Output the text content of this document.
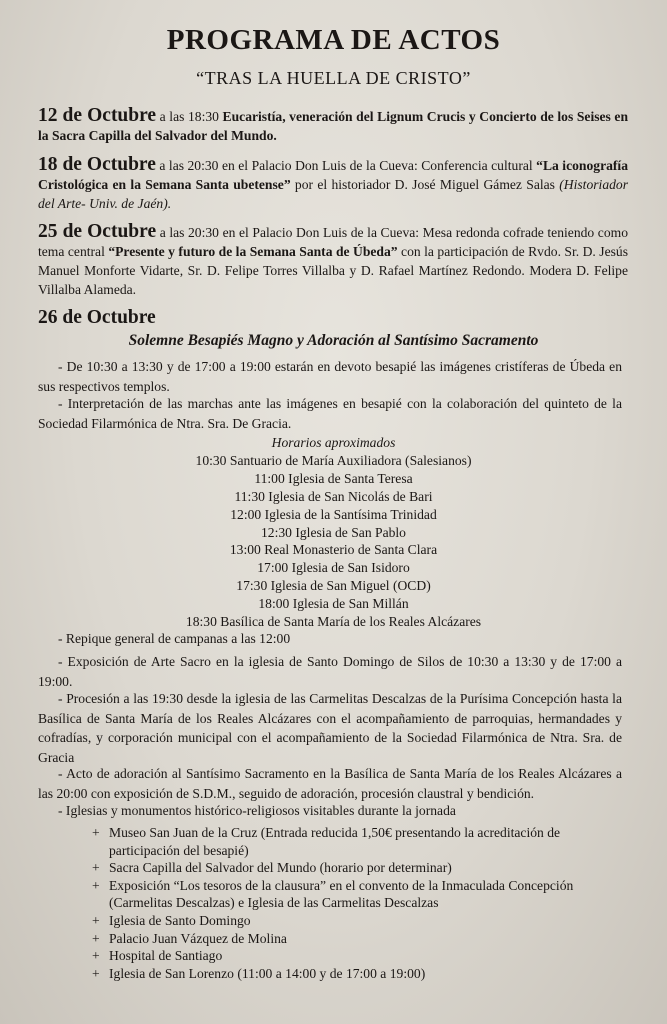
PROGRAMA DE ACTOS
“TRAS LA HUELLA DE CRISTO”
12 de Octubre a las 18:30 Eucaristía, veneración del Lignum Crucis y Concierto de los Seises en la Sacra Capilla del Salvador del Mundo.
18 de Octubre a las 20:30 en el Palacio Don Luis de la Cueva: Conferencia cultural “La iconografía Cristológica en la Semana Santa ubetense” por el historiador D. José Miguel Gámez Salas (Historiador del Arte- Univ. de Jaén).
25 de Octubre a las 20:30 en el Palacio Don Luis de la Cueva: Mesa redonda cofrade teniendo como tema central “Presente y futuro de la Semana Santa de Úbeda” con la participación de Rvdo. Sr. D. Jesús Manuel Monforte Vidarte, Sr. D. Felipe Torres Villalba y D. Rafael Martínez Redondo. Modera D. Felipe Villalba Alameda.
26 de Octubre
Solemne Besapiés Magno y Adoración al Santísimo Sacramento
- De 10:30 a 13:30 y de 17:00 a 19:00 estarán en devoto besapié las imágenes cristíferas de Úbeda en sus respectivos templos.
- Interpretación de las marchas ante las imágenes en besapié con la colaboración del quinteto de la Sociedad Filarmónica de Ntra. Sra. De Gracia.
Horarios aproximados
10:30 Santuario de María Auxiliadora (Salesianos)
11:00 Iglesia de Santa Teresa
11:30 Iglesia de San Nicolás de Bari
12:00 Iglesia de la Santísima Trinidad
12:30 Iglesia de San Pablo
13:00 Real Monasterio de Santa Clara
17:00 Iglesia de San Isidoro
17:30 Iglesia de San Miguel (OCD)
18:00 Iglesia de San Millán
18:30 Basílica de Santa María de los Reales Alcázares
- Repique general de campanas a las 12:00
- Exposición de Arte Sacro en la iglesia de Santo Domingo de Silos de 10:30 a 13:30 y de 17:00 a 19:00.
- Procesión a las 19:30 desde la iglesia de las Carmelitas Descalzas de la Purísima Concepción hasta la Basílica de Santa María de los Reales Alcázares con el acompañamiento de parroquias, hermandades y cofradías, y corporación municipal con el acompañamiento de la Sociedad Filarmónica de Ntra. Sra. de Gracia
- Acto de adoración al Santísimo Sacramento en la Basílica de Santa María de los Reales Alcázares a las 20:00 con exposición de S.D.M., seguido de adoración, procesión claustral y bendición.
- Iglesias y monumentos histórico-religiosos visitables durante la jornada
+ Museo San Juan de la Cruz (Entrada reducida 1,50€ presentando la acreditación de participación del besapié)
+ Sacra Capilla del Salvador del Mundo (horario por determinar)
+ Exposición “Los tesoros de la clausura” en el convento de la Inmaculada Concepción (Carmelitas Descalzas) e Iglesia de las Carmelitas Descalzas
+ Iglesia de Santo Domingo
+ Palacio Juan Vázquez de Molina
+ Hospital de Santiago
+ Iglesia de San Lorenzo (11:00 a 14:00 y de 17:00 a 19:00)
